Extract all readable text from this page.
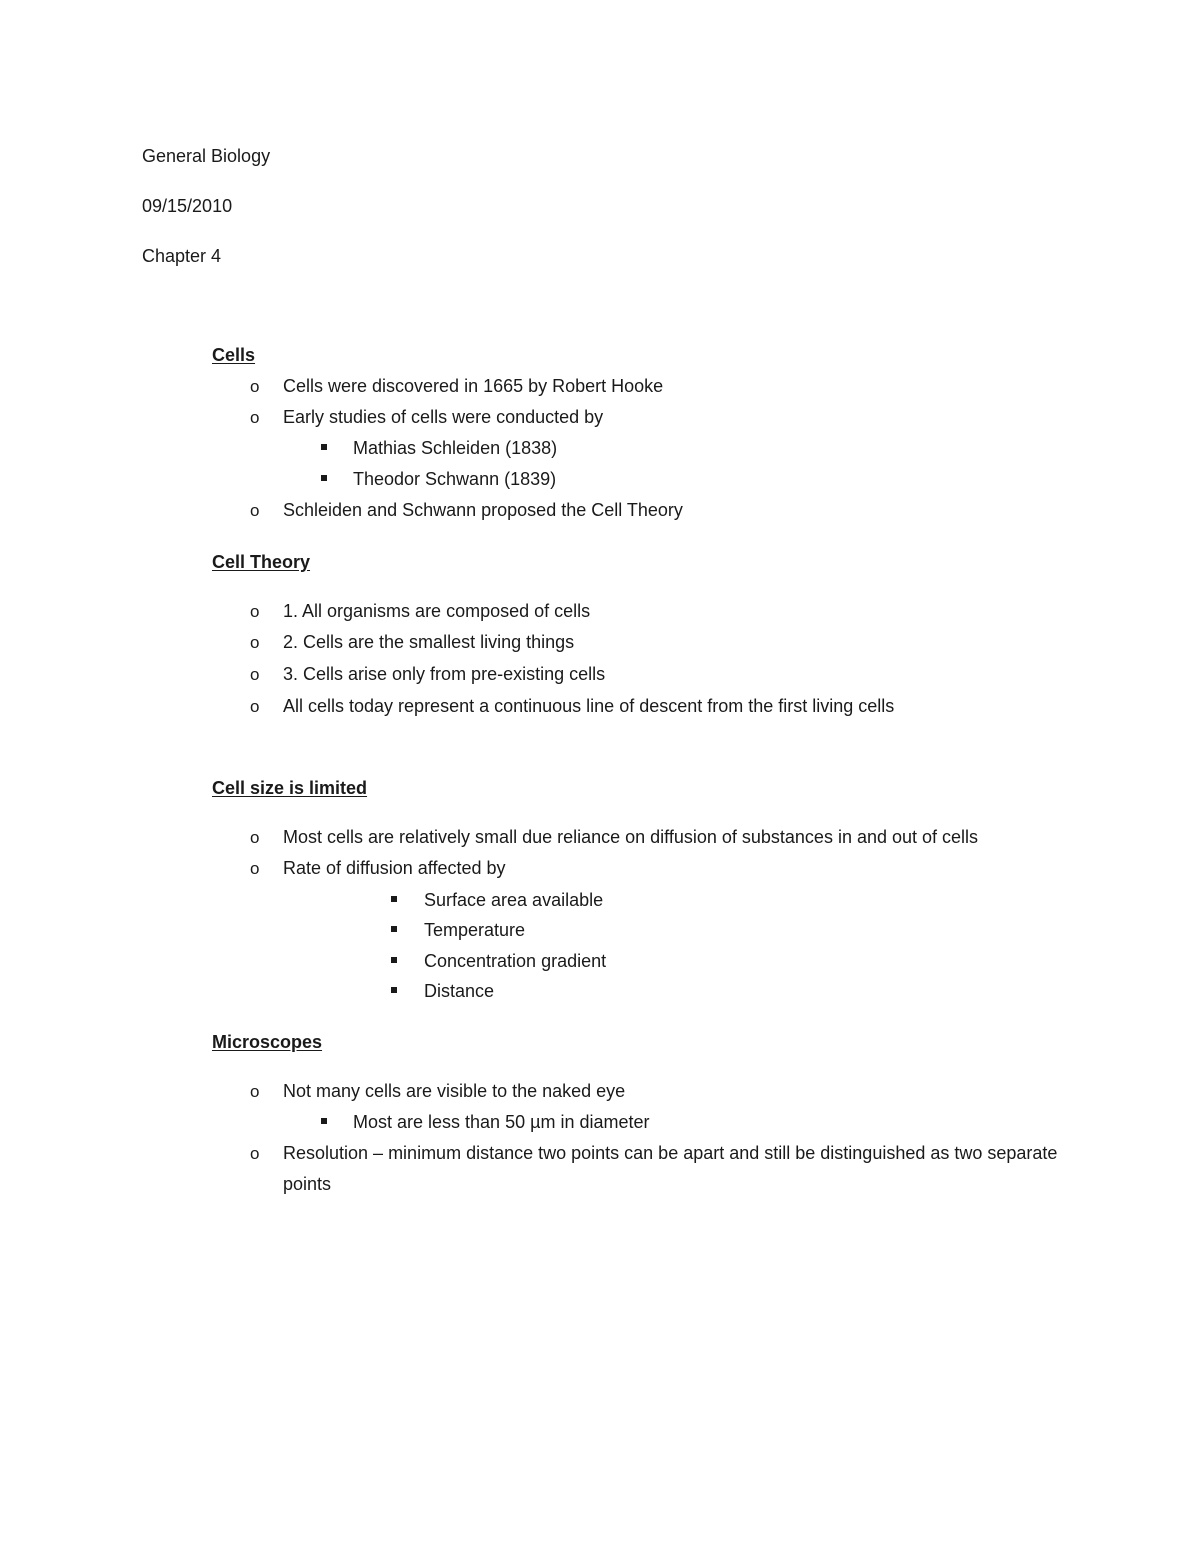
General Biology
09/15/2010
Chapter 4
Cells
o Cells were discovered in 1665 by Robert Hooke
o Early studies of cells were conducted by
Mathias Schleiden (1838)
Theodor Schwann (1839)
o Schleiden and Schwann proposed the Cell Theory
Cell Theory
o 1. All organisms are composed of cells
o 2. Cells are the smallest living things
o 3. Cells arise only from pre-existing cells
o All cells today represent a continuous line of descent from the first living cells
Cell size is limited
o Most cells are relatively small due reliance on diffusion of substances in and out of cells
o Rate of diffusion affected by
Surface area available
Temperature
Concentration gradient
Distance
Microscopes
o Not many cells are visible to the naked eye
Most are less than 50 µm in diameter
o Resolution – minimum distance two points can be apart and still be distinguished as two separate points
